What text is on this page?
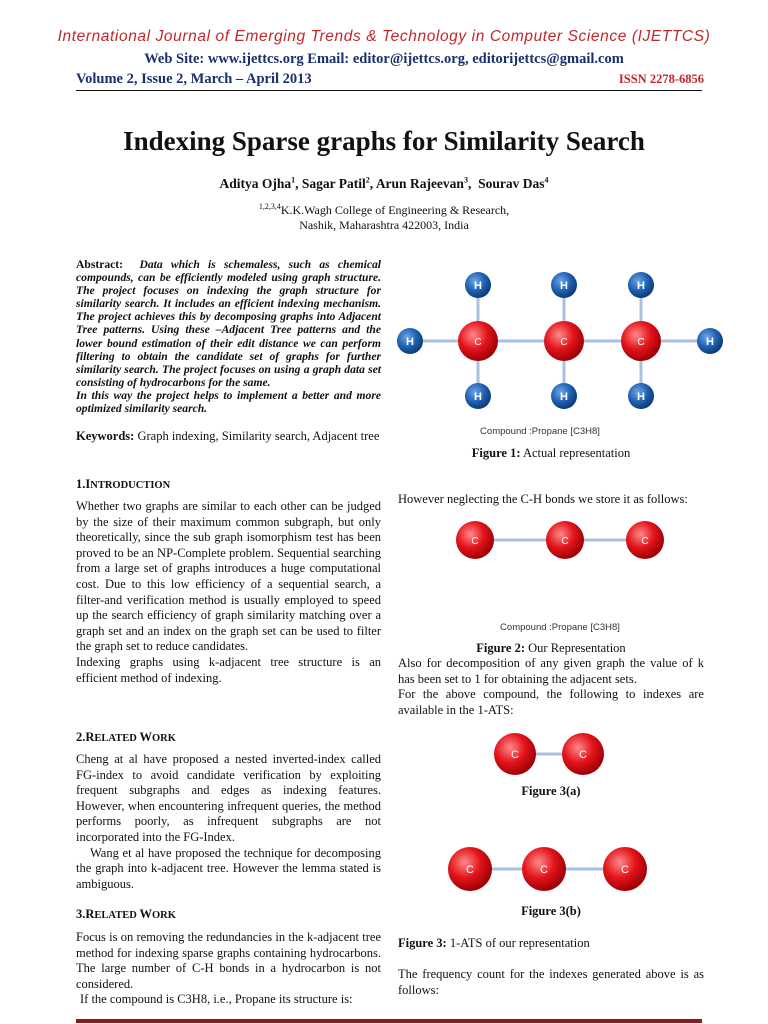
International Journal of Emerging Trends & Technology in Computer Science (IJETTCS)
Web Site: www.ijettcs.org Email: editor@ijettcs.org, editorijettcs@gmail.com
Volume 2, Issue 2, March – April 2013	ISSN 2278-6856
Indexing Sparse graphs for Similarity Search
Aditya Ojha$^1$, Sagar Patil$^2$, Arun Rajeevan$^3$,  Sourav Das$^4$
$^{1,2,3,4}$K.K.Wagh College of Engineering & Research,
Nashik, Maharashtra 422003, India
Abstract: Data which is schemaless, such as chemical compounds, can be efficiently modeled using graph structure. The project focuses on indexing the graph structure for similarity search. It includes an efficient indexing mechanism. The project achieves this by decomposing graphs into Adjacent Tree patterns. Using these –Adjacent Tree patterns and the lower bound estimation of their edit distance we can perform filtering to obtain the candidate set of graphs for further similarity search. The project focuses on using a graph data set consisting of hydrocarbons for the same.
In this way the project helps to implement a better and more optimized similarity search.
Keywords: Graph indexing, Similarity search, Adjacent tree
1.INTRODUCTION

Whether two graphs are similar to each other can be judged by the size of their maximum common subgraph, but only theoretically, since the sub graph isomorphism test has been proved to be an NP-Complete problem. Sequential searching from a large set of graphs introduces a huge computational cost. Due to this low efficiency of a sequential search, a filter-and verification method is usually employed to speed up the search efficiency of graph similarity matching over a graph set and an index on the graph set can be used to filter the graph set to reduce candidates.

Indexing graphs using k-adjacent tree structure is an efficient method of indexing.

2.RELATED WORK

Cheng at al have proposed a nested inverted-index called FG-index to avoid candidate verification by exploiting frequent subgraphs and edges as indexing features. However, when encountering infrequent queries, the method performs poorly, as infrequent subgraphs are not incorporated into the FG-Index.

Wang et al have proposed the technique for decomposing the graph into k-adjacent tree. However the lemma stated is ambiguous.

3.RELATED WORK

Focus is on removing the redundancies in the k-adjacent tree method for indexing sparse graphs containing hydrocarbons. The large number of C-H bonds in a hydrocarbon is not considered.

If the compound is C3H8, i.e., Propane its structure is:

H	H	H
H	H
H	H	H
C	C	C
Compound :Propane [C3H8]
Figure 1: Actual representation
However neglecting the C-H bonds we store it as follows:
C	C	C
Compound :Propane [C3H8]
Figure 2: Our Representation

Also for decomposition of any given graph the value of k has been set to 1 for obtaining the adjacent sets.

For the above compound, the following to indexes are available in the 1-ATS:

C	C
Figure 3(a)
C	C	C
Figure 3(b)
Figure 3: 1-ATS of our representation
The frequency count for the indexes generated above is as follows:
